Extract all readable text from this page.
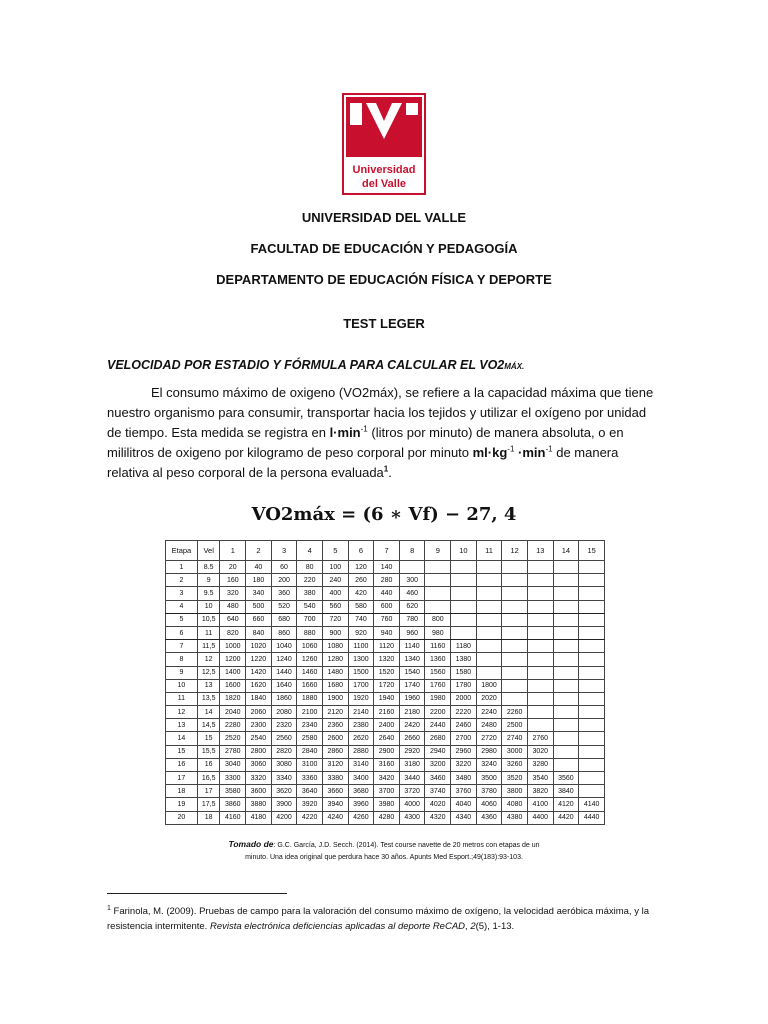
Universidad
del Valle
UNIVERSIDAD DEL VALLE
FACULTAD DE EDUCACIÓN Y PEDAGOGÍA
DEPARTAMENTO DE EDUCACIÓN FÍSICA Y DEPORTE
TEST LEGER
VELOCIDAD POR ESTADIO Y FÓRMULA PARA CALCULAR EL VO2MÁX.

El consumo máximo de oxigeno (VO2máx), se refiere a la capacidad máxima que tiene nuestro organismo para consumir, transportar hacia los tejidos y utilizar el oxígeno por unidad de tiempo. Esta medida se registra en $l\cdot\min^{-1}$ (litros por minuto) de manera absoluta, o en mililitros de oxigeno por kilogramo de peso corporal por minuto $ml\cdot kg^{-1} \cdot\min^{-1}$ de manera relativa al peso corporal de la persona evaluada$^1$.

VO2máx = (6 ∗ Vf) − 27, 4
Etapa	Vel	1	2	3	4	5	6	7	8	9	10	11	12	13	14	15
1	8.5	20	40	60	80	100	120	140								
2	9	160	180	200	220	240	260	280	300							
3	9.5	320	340	360	380	400	420	440	460							
4	10	480	500	520	540	560	580	600	620							
5	10,5	640	660	680	700	720	740	760	780	800						
6	11	820	840	860	880	900	920	940	960	980						
7	11,5	1000	1020	1040	1060	1080	1100	1120	1140	1160	1180					
8	12	1200	1220	1240	1260	1280	1300	1320	1340	1360	1380					
9	12,5	1400	1420	1440	1460	1480	1500	1520	1540	1560	1580					
10	13	1600	1620	1640	1660	1680	1700	1720	1740	1760	1780	1800				
11	13,5	1820	1840	1860	1880	1900	1920	1940	1960	1980	2000	2020				
12	14	2040	2060	2080	2100	2120	2140	2160	2180	2200	2220	2240	2260			
13	14,5	2280	2300	2320	2340	2360	2380	2400	2420	2440	2460	2480	2500			
14	15	2520	2540	2560	2580	2600	2620	2640	2660	2680	2700	2720	2740	2760		
15	15,5	2780	2800	2820	2840	2860	2880	2900	2920	2940	2960	2980	3000	3020		
16	16	3040	3060	3080	3100	3120	3140	3160	3180	3200	3220	3240	3260	3280		
17	16,5	3300	3320	3340	3360	3380	3400	3420	3440	3460	3480	3500	3520	3540	3560	
18	17	3580	3600	3620	3640	3660	3680	3700	3720	3740	3760	3780	3800	3820	3840	
19	17,5	3860	3880	3900	3920	3940	3960	3980	4000	4020	4040	4060	4080	4100	4120	4140
20	18	4160	4180	4200	4220	4240	4260	4280	4300	4320	4340	4360	4380	4400	4420	4440
Tomado de: G.C. García, J.D. Secch. (2014). Test course navette de 20 metros con etapas de un
minuto. Una idea original que perdura hace 30 años. Apunts Med Esport.;49(183):93-103.
$^1$ Farinola, M. (2009). Pruebas de campo para la valoración del consumo máximo de oxígeno, la velocidad aeróbica máxima, y la resistencia intermitente. Revista electrónica deficiencias aplicadas al deporte ReCAD, 2(5), 1-13.
